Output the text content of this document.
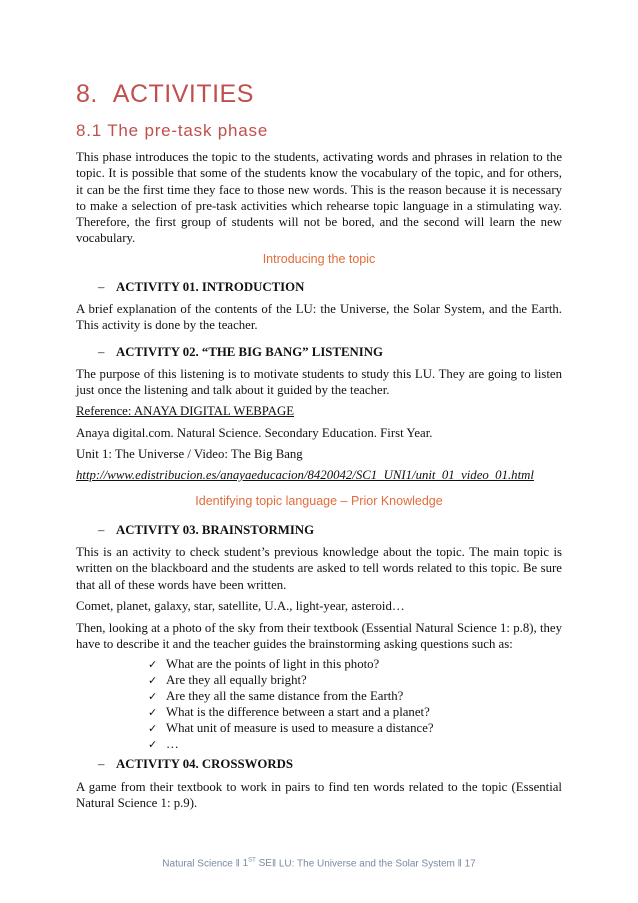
8. ACTIVITIES
8.1 The pre-task phase
This phase introduces the topic to the students, activating words and phrases in relation to the topic. It is possible that some of the students know the vocabulary of the topic, and for others, it can be the first time they face to those new words. This is the reason because it is necessary to make a selection of pre-task activities which rehearse topic language in a stimulating way. Therefore, the first group of students will not be bored, and the second will learn the new vocabulary.
Introducing the topic
– ACTIVITY 01. INTRODUCTION
A brief explanation of the contents of the LU: the Universe, the Solar System, and the Earth. This activity is done by the teacher.
– ACTIVITY 02. “THE BIG BANG” LISTENING
The purpose of this listening is to motivate students to study this LU. They are going to listen just once the listening and talk about it guided by the teacher.
Reference: ANAYA DIGITAL WEBPAGE
Anaya digital.com. Natural Science. Secondary Education. First Year.
Unit 1: The Universe / Video: The Big Bang
http://www.edistribucion.es/anayaeducacion/8420042/SC1_UNI1/unit_01_video_01.html
Identifying topic language – Prior Knowledge
– ACTIVITY 03. BRAINSTORMING
This is an activity to check student’s previous knowledge about the topic. The main topic is written on the blackboard and the students are asked to tell words related to this topic. Be sure that all of these words have been written.
Comet, planet, galaxy, star, satellite, U.A., light-year, asteroid…
Then, looking at a photo of the sky from their textbook (Essential Natural Science 1: p.8), they have to describe it and the teacher guides the brainstorming asking questions such as:
✓ What are the points of light in this photo?
✓ Are they all equally bright?
✓ Are they all the same distance from the Earth?
✓ What is the difference between a start and a planet?
✓ What unit of measure is used to measure a distance?
✓ …
– ACTIVITY 04. CROSSWORDS
A game from their textbook to work in pairs to find ten words related to the topic (Essential Natural Science 1: p.9).
Natural Science ‖ 1ST SE‖ LU: The Universe and the Solar System ‖ 17
